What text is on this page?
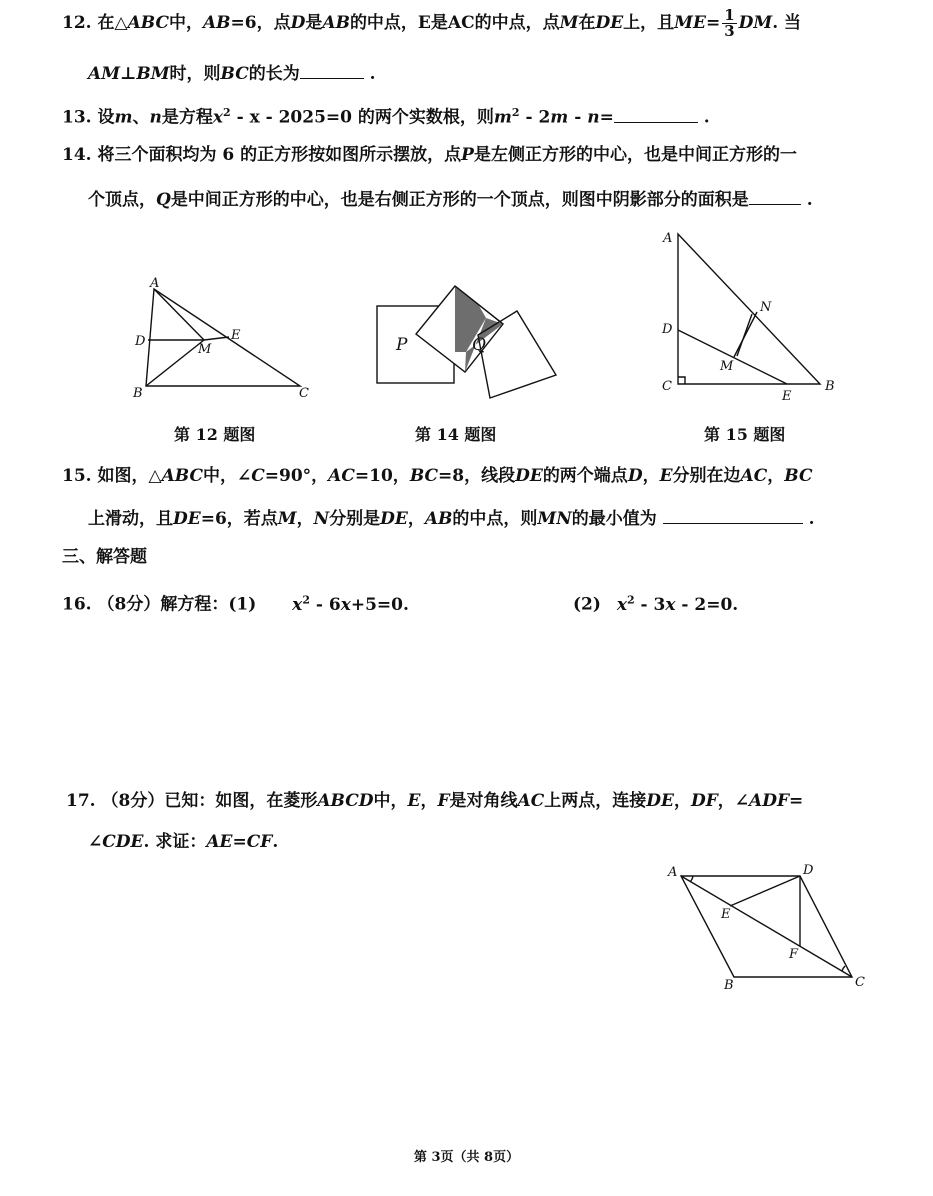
12. 在△ABC中，AB=6，点D是AB的中点，E是AC的中点，点M在DE上，且$ME= \frac{1}{3}$ DM. 当
AM⊥BM时，则BC的长为	.
13. 设m、n是方程$x^2 - x - 2025=0$ 的两个实数根，则$m^2 - 2m - n=$	.
14. 将三个面积均为 6 的正方形按如图所示摆放，点P是左侧正方形的中心，也是中间正方形的一
个顶点，Q是中间正方形的中心，也是右侧正方形的一个顶点，则图中阴影部分的面积是	.
A
D
B	C
E
M	P	Q
A
D
C
N
M
E
B
第 12 题图	第 14 题图	第 15 题图
15. 如图，△ABC中，∠C=90°，AC=10，BC=8，线段DE的两个端点D，E分别在边AC，BC
上滑动，且DE=6，若点M，N分别是DE，AB的中点，则MN的最小值为	.
三、解答题
16. （8分）解方程：(1) $x^2 - 6x+5=0$.	(2) $x^2 - 3x - 2=0$.
17. （8分）已知：如图，在菱形ABCD中，E，F是对角线AC上两点，连接DE，DF，∠ADF=
∠CDE. 求证：AE=CF.
A	D
E
F
B	C
第 3页（共 8页）
